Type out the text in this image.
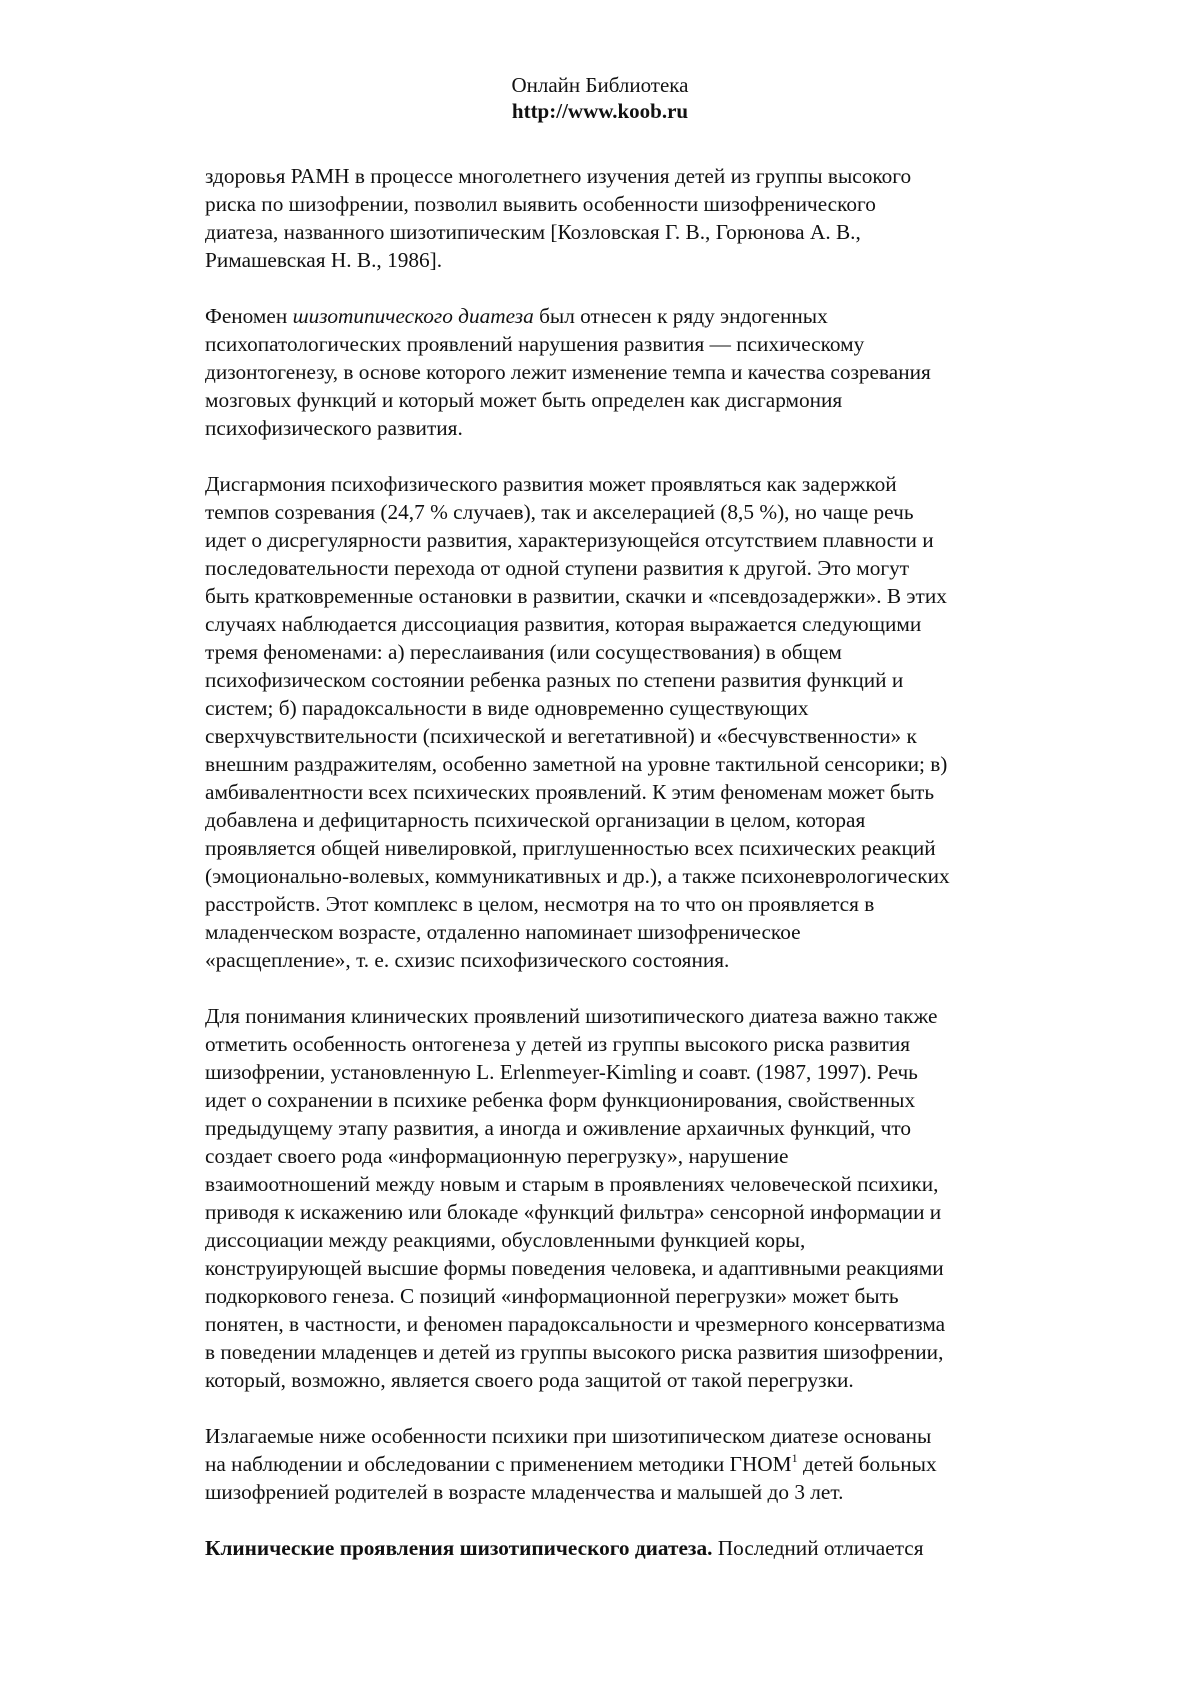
Онлайн Библиотека
http://www.koob.ru
здоровья РАМН в процессе многолетнего изучения детей из группы высокого
риска по шизофрении, позволил выявить особенности шизофренического
диатеза, названного шизотипическим [Козловская Г. В., Горюнова А. В.,
Римашевская Н. В., 1986].
Феномен шизотипического диатеза был отнесен к ряду эндогенных
психопатологических проявлений нарушения развития — психическому
дизонтогенезу, в основе которого лежит изменение темпа и качества созревания
мозговых функций и который может быть определен как дисгармония
психофизического развития.
Дисгармония психофизического развития может проявляться как задержкой
темпов созревания (24,7 % случаев), так и акселерацией (8,5 %), но чаще речь
идет о дисрегулярности развития, характеризующейся отсутствием плавности и
последовательности перехода от одной ступени развития к другой. Это могут
быть кратковременные остановки в развитии, скачки и «псевдозадержки». В этих
случаях наблюдается диссоциация развития, которая выражается следующими
тремя феноменами: а) переслаивания (или сосуществования) в общем
психофизическом состоянии ребенка разных по степени развития функций и
систем; б) парадоксальности в виде одновременно существующих
сверхчувствительности (психической и вегетативной) и «бесчувственности» к
внешним раздражителям, особенно заметной на уровне тактильной сенсорики; в)
амбивалентности всех психических проявлений. К этим феноменам может быть
добавлена и дефицитарность психической организации в целом, которая
проявляется общей нивелировкой, приглушенностью всех психических реакций
(эмоционально-волевых, коммуникативных и др.), а также психоневрологических
расстройств. Этот комплекс в целом, несмотря на то что он проявляется в
младенческом возрасте, отдаленно напоминает шизофреническое
«расщепление», т. е. схизис психофизического состояния.
Для понимания клинических проявлений шизотипического диатеза важно также
отметить особенность онтогенеза у детей из группы высокого риска развития
шизофрении, установленную L. Erlenmeyer-Kimling и соавт. (1987, 1997). Речь
идет о сохранении в психике ребенка форм функционирования, свойственных
предыдущему этапу развития, а иногда и оживление архаичных функций, что
создает своего рода «информационную перегрузку», нарушение
взаимоотношений между новым и старым в проявлениях человеческой психики,
приводя к искажению или блокаде «функций фильтра» сенсорной информации и
диссоциации между реакциями, обусловленными функцией коры,
конструирующей высшие формы поведения человека, и адаптивными реакциями
подкоркового генеза. С позиций «информационной перегрузки» может быть
понятен, в частности, и феномен парадоксальности и чрезмерного консерватизма
в поведении младенцев и детей из группы высокого риска развития шизофрении,
который, возможно, является своего рода защитой от такой перегрузки.
Излагаемые ниже особенности психики при шизотипическом диатезе основаны
на наблюдении и обследовании с применением методики ГНОМ$^1$ детей больных
шизофренией родителей в возрасте младенчества и малышей до 3 лет.
Клинические проявления шизотипического диатеза. Последний отличается
